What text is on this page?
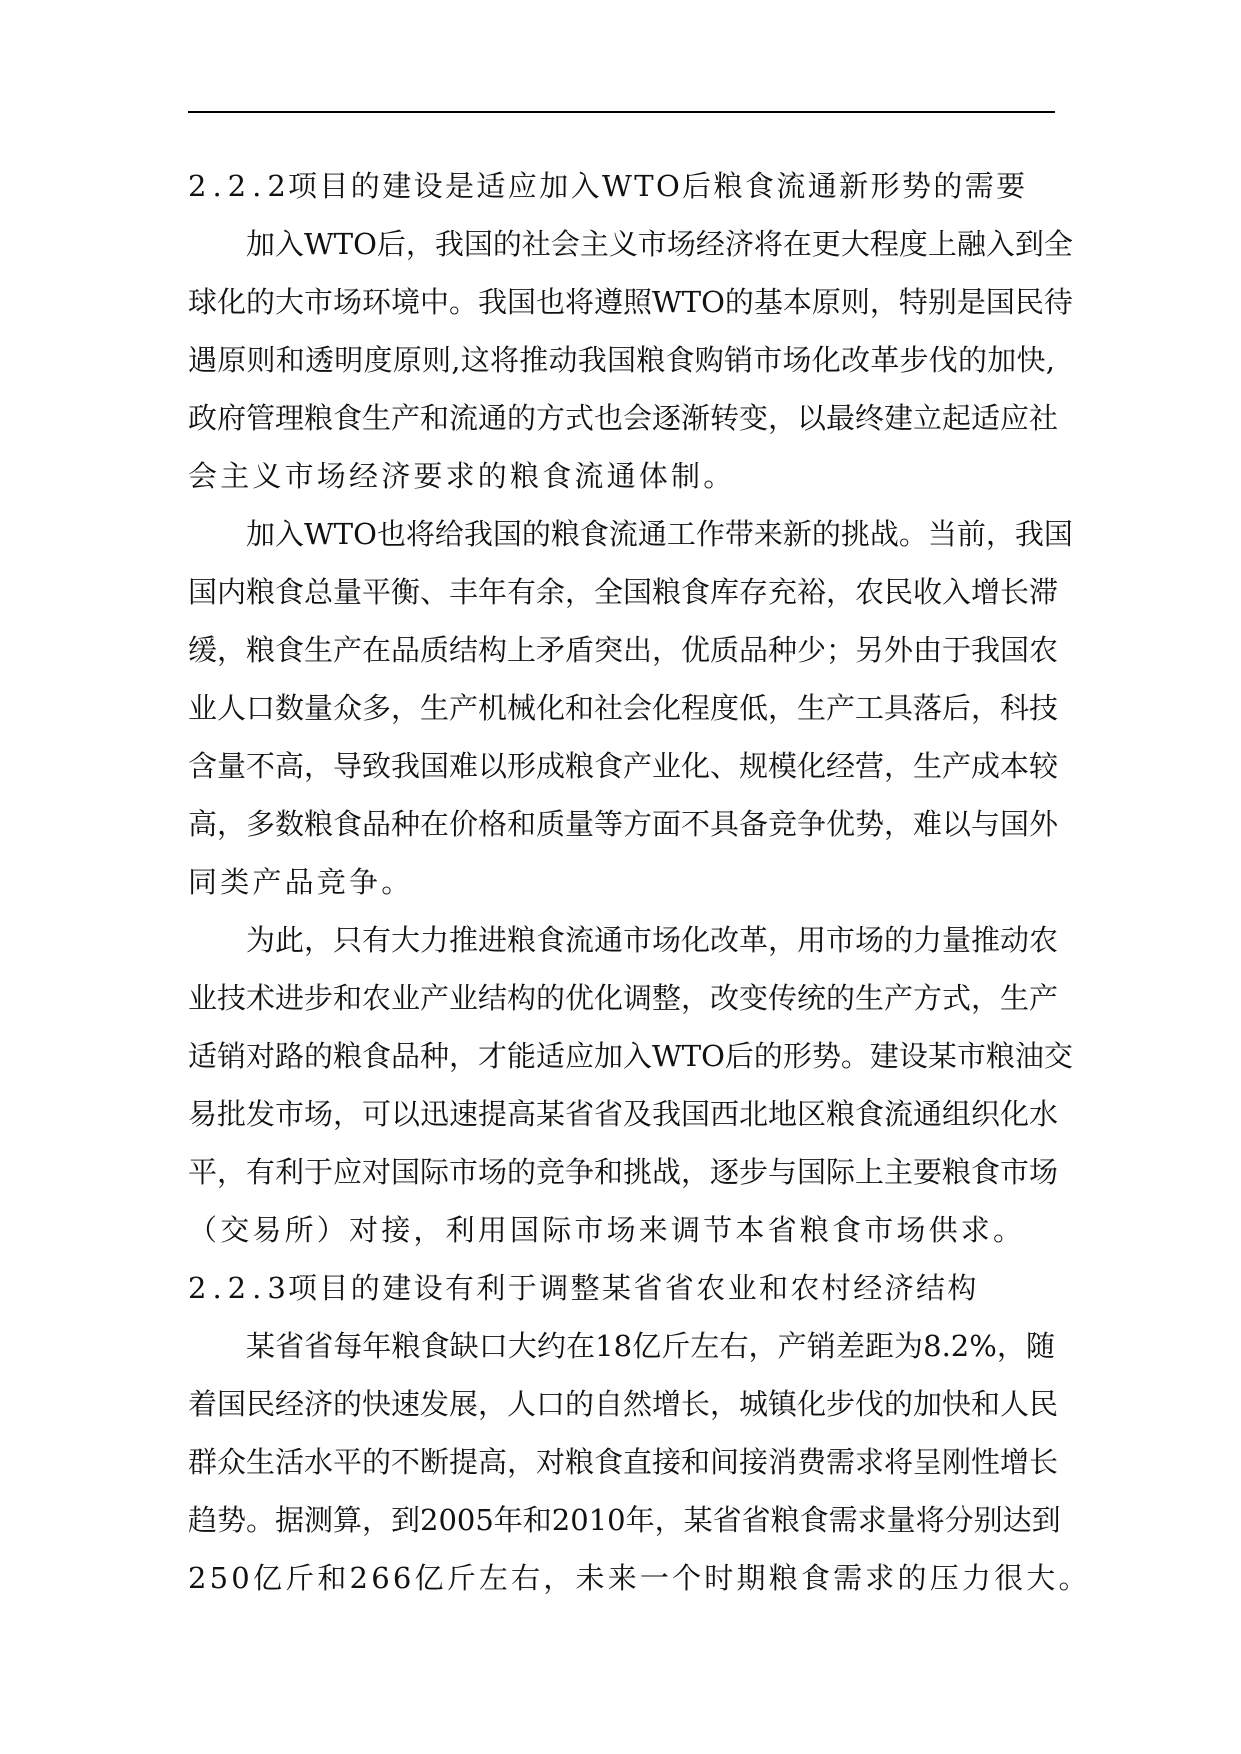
2.2.2项目的建设是适应加入WTO后粮食流通新形势的需要
加入WTO后，我国的社会主义市场经济将在更大程度上融入到全
球化的大市场环境中。我国也将遵照WTO的基本原则，特别是国民待
遇原则和透明度原则,这将推动我国粮食购销市场化改革步伐的加快,
政府管理粮食生产和流通的方式也会逐渐转变，以最终建立起适应社
会主义市场经济要求的粮食流通体制。
加入WTO也将给我国的粮食流通工作带来新的挑战。当前，我国
国内粮食总量平衡、丰年有余，全国粮食库存充裕，农民收入增长滞
缓，粮食生产在品质结构上矛盾突出，优质品种少；另外由于我国农
业人口数量众多，生产机械化和社会化程度低，生产工具落后，科技
含量不高，导致我国难以形成粮食产业化、规模化经营，生产成本较
高，多数粮食品种在价格和质量等方面不具备竞争优势，难以与国外
同类产品竞争。
为此，只有大力推进粮食流通市场化改革，用市场的力量推动农
业技术进步和农业产业结构的优化调整，改变传统的生产方式，生产
适销对路的粮食品种，才能适应加入WTO后的形势。建设某市粮油交
易批发市场，可以迅速提高某省省及我国西北地区粮食流通组织化水
平，有利于应对国际市场的竞争和挑战，逐步与国际上主要粮食市场
（交易所）对接，利用国际市场来调节本省粮食市场供求。
2.2.3项目的建设有利于调整某省省农业和农村经济结构
某省省每年粮食缺口大约在18亿斤左右，产销差距为8.2%，随
着国民经济的快速发展，人口的自然增长，城镇化步伐的加快和人民
群众生活水平的不断提高，对粮食直接和间接消费需求将呈刚性增长
趋势。据测算，到2005年和2010年，某省省粮食需求量将分别达到
250亿斤和266亿斤左右，未来一个时期粮食需求的压力很大。
